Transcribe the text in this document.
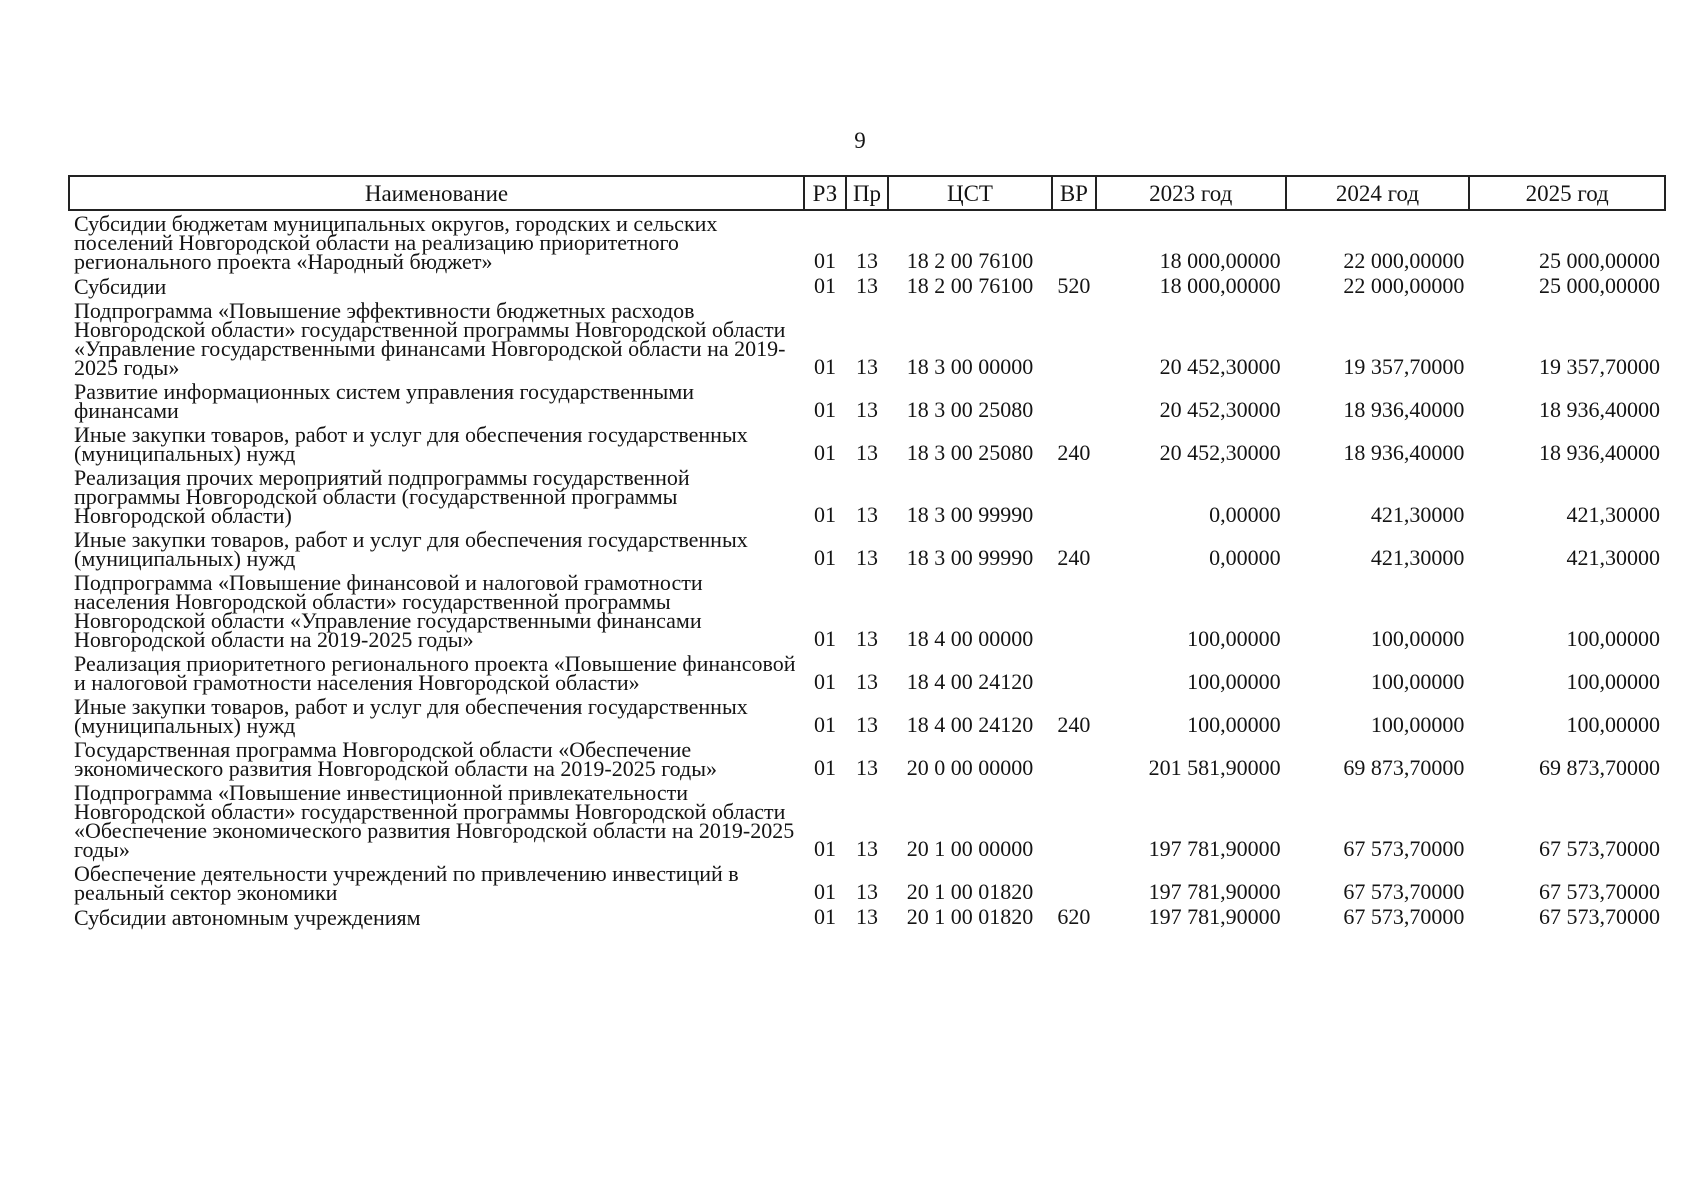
9
Наименование	РЗ	Пр	ЦСТ	ВР	2023 год	2024 год	2025 год
Субсидии бюджетам муниципальных округов, городских и сельских поселений Новгородской области на реализацию приоритетного регионального проекта «Народный бюджет»	01	13	18 2 00 76100		18 000,00000	22 000,00000	25 000,00000
Субсидии	01	13	18 2 00 76100	520	18 000,00000	22 000,00000	25 000,00000
Подпрограмма «Повышение эффективности бюджетных расходов Новгородской области» государственной программы Новгородской области «Управление государственными финансами Новгородской области на 2019-2025 годы»	01	13	18 3 00 00000		20 452,30000	19 357,70000	19 357,70000
Развитие информационных систем управления государственными финансами	01	13	18 3 00 25080		20 452,30000	18 936,40000	18 936,40000
Иные закупки товаров, работ и услуг для обеспечения государственных (муниципальных) нужд	01	13	18 3 00 25080	240	20 452,30000	18 936,40000	18 936,40000
Реализация прочих мероприятий подпрограммы государственной программы Новгородской области (государственной программы Новгородской области)	01	13	18 3 00 99990		0,00000	421,30000	421,30000
Иные закупки товаров, работ и услуг для обеспечения государственных (муниципальных) нужд	01	13	18 3 00 99990	240	0,00000	421,30000	421,30000
Подпрограмма «Повышение финансовой и налоговой грамотности населения Новгородской области» государственной программы Новгородской области «Управление государственными финансами Новгородской области на 2019-2025 годы»	01	13	18 4 00 00000		100,00000	100,00000	100,00000
Реализация приоритетного регионального проекта «Повышение финансовой и налоговой грамотности населения Новгородской области»	01	13	18 4 00 24120		100,00000	100,00000	100,00000
Иные закупки товаров, работ и услуг для обеспечения государственных (муниципальных) нужд	01	13	18 4 00 24120	240	100,00000	100,00000	100,00000
Государственная программа Новгородской области «Обеспечение экономического развития Новгородской области на 2019-2025 годы»	01	13	20 0 00 00000		201 581,90000	69 873,70000	69 873,70000
Подпрограмма «Повышение инвестиционной привлекательности Новгородской области» государственной программы Новгородской области «Обеспечение экономического развития Новгородской области на 2019-2025 годы»	01	13	20 1 00 00000		197 781,90000	67 573,70000	67 573,70000
Обеспечение деятельности учреждений по привлечению инвестиций в реальный сектор экономики	01	13	20 1 00 01820		197 781,90000	67 573,70000	67 573,70000
Субсидии автономным учреждениям	01	13	20 1 00 01820	620	197 781,90000	67 573,70000	67 573,70000
